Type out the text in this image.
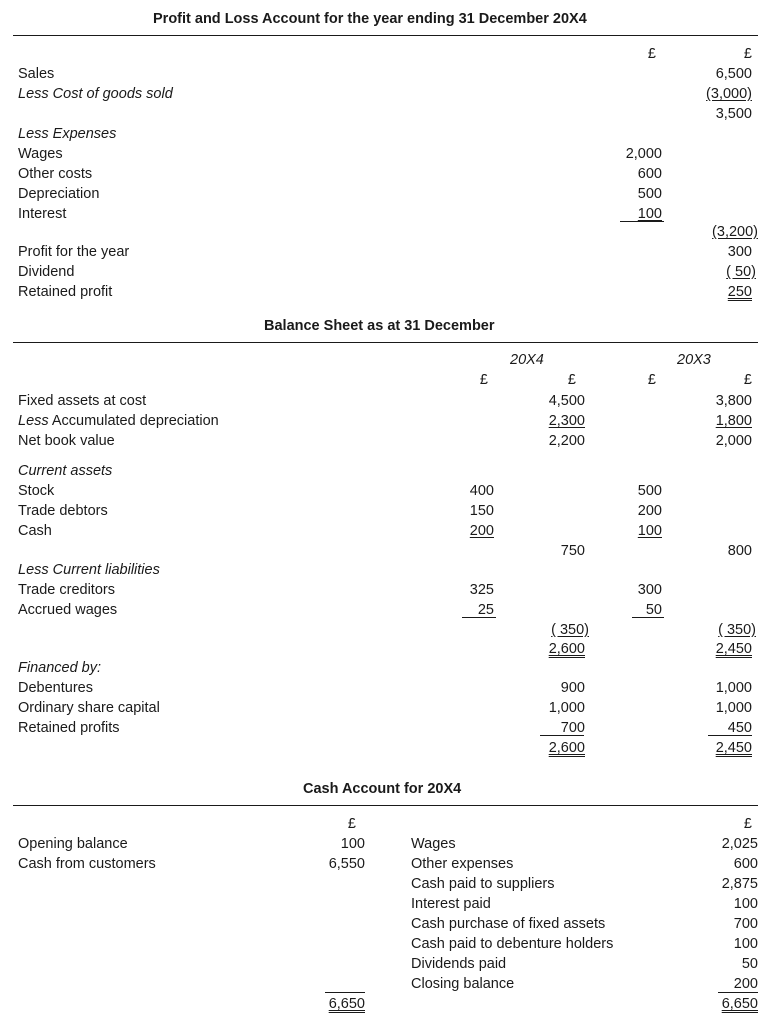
Profit and Loss Account for the year ending 31 December 20X4
£	£
Sales	6,500
Less Cost of goods sold	(3,000)
3,500
Less Expenses
Wages	2,000
Other costs	600
Depreciation	500
Interest	100
(3,200)
Profit for the year	300
Dividend	( 50)
Retained profit	250
Balance Sheet as at 31 December
20X4	20X3
£	£	£	£
Fixed assets at cost	4,500	3,800
Less Accumulated depreciation	2,300	1,800
Net book value	2,200	2,000
Current assets
Stock	400	500
Trade debtors	150	200
Cash	200	100
750	800
Less Current liabilities
Trade creditors	325	300
Accrued wages	25	50
( 350)	( 350)
2,600	2,450
Financed by:
Debentures	900	1,000
Ordinary share capital	1,000	1,000
Retained profits	700	450
2,600	2,450
Cash Account for 20X4
£	£
Opening balance	100
Cash from customers	6,550
Wages	2,025
Other expenses	600
Cash paid to suppliers	2,875
Interest paid	100
Cash purchase of fixed assets	700
Cash paid to debenture holders	100
Dividends paid	50
Closing balance	200
6,650	6,650
